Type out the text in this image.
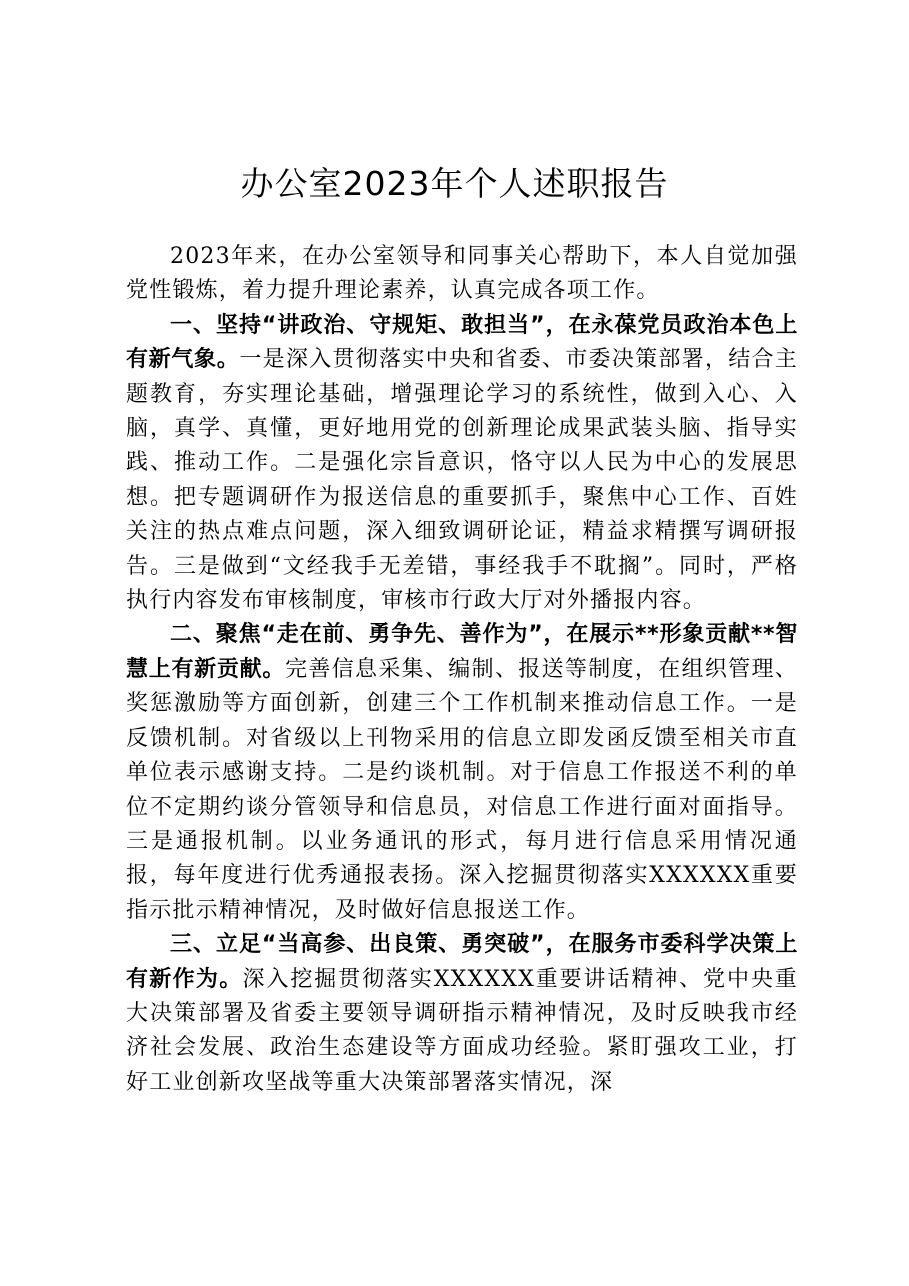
办公室2023年个人述职报告

2023年来，在办公室领导和同事关心帮助下，本人自觉加强党性锻炼，着力提升理论素养，认真完成各项工作。

一、坚持“讲政治、守规矩、敢担当”，在永葆党员政治本色上有新气象。一是深入贯彻落实中央和省委、市委决策部署，结合主题教育，夯实理论基础，增强理论学习的系统性，做到入心、入脑，真学、真懂，更好地用党的创新理论成果武装头脑、指导实践、推动工作。二是强化宗旨意识，恪守以人民为中心的发展思想。把专题调研作为报送信息的重要抓手，聚焦中心工作、百姓关注的热点难点问题，深入细致调研论证，精益求精撰写调研报告。三是做到“文经我手无差错，事经我手不耽搁”。同时，严格执行内容发布审核制度，审核市行政大厅对外播报内容。

二、聚焦“走在前、勇争先、善作为”，在展示**形象贡献**智慧上有新贡献。完善信息采集、编制、报送等制度，在组织管理、奖惩激励等方面创新，创建三个工作机制来推动信息工作。一是反馈机制。对省级以上刊物采用的信息立即发函反馈至相关市直单位表示感谢支持。二是约谈机制。对于信息工作报送不利的单位不定期约谈分管领导和信息员，对信息工作进行面对面指导。三是通报机制。以业务通讯的形式，每月进行信息采用情况通报，每年度进行优秀通报表扬。深入挖掘贯彻落实XXXXXX重要指示批示精神情况，及时做好信息报送工作。

三、立足“当高参、出良策、勇突破”，在服务市委科学决策上有新作为。深入挖掘贯彻落实XXXXXX重要讲话精神、党中央重大决策部署及省委主要领导调研指示精神情况，及时反映我市经济社会发展、政治生态建设等方面成功经验。紧盯强攻工业，打好工业创新攻坚战等重大决策部署落实情况，深
